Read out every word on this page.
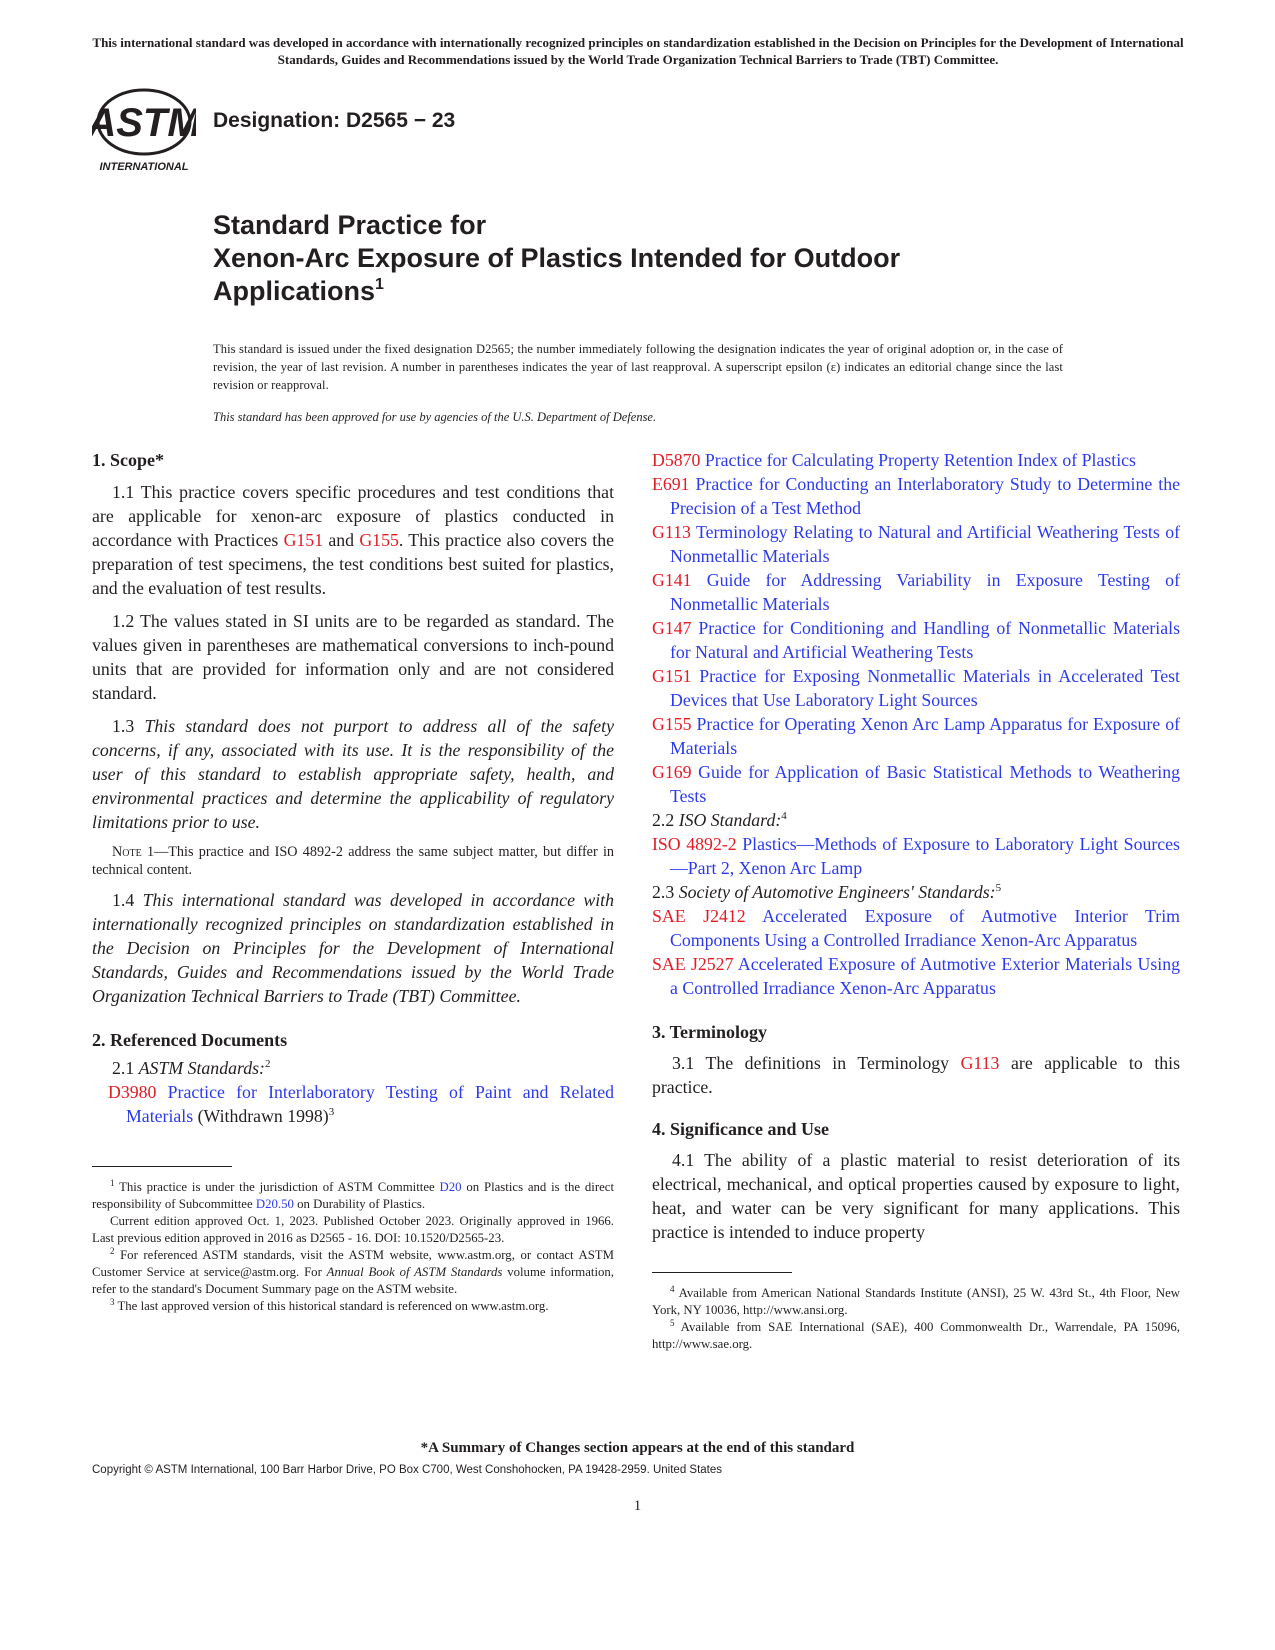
This international standard was developed in accordance with internationally recognized principles on standardization established in the Decision on Principles for the Development of International Standards, Guides and Recommendations issued by the World Trade Organization Technical Barriers to Trade (TBT) Committee.
ASTM
INTERNATIONAL
Designation: D2565 − 23
Standard Practice for
Xenon-Arc Exposure of Plastics Intended for Outdoor
Applications$^1$
This standard is issued under the fixed designation D2565; the number immediately following the designation indicates the year of original adoption or, in the case of revision, the year of last revision. A number in parentheses indicates the year of last reapproval. A superscript epsilon (ε) indicates an editorial change since the last revision or reapproval.
This standard has been approved for use by agencies of the U.S. Department of Defense.
1. Scope*

1.1 This practice covers specific procedures and test conditions that are applicable for xenon-arc exposure of plastics conducted in accordance with Practices G151 and G155. This practice also covers the preparation of test specimens, the test conditions best suited for plastics, and the evaluation of test results.

1.2 The values stated in SI units are to be regarded as standard. The values given in parentheses are mathematical conversions to inch-pound units that are provided for information only and are not considered standard.

1.3 This standard does not purport to address all of the safety concerns, if any, associated with its use. It is the responsibility of the user of this standard to establish appropriate safety, health, and environmental practices and determine the applicability of regulatory limitations prior to use.

Note 1—This practice and ISO 4892-2 address the same subject matter, but differ in technical content.

1.4 This international standard was developed in accordance with internationally recognized principles on standardization established in the Decision on Principles for the Development of International Standards, Guides and Recommendations issued by the World Trade Organization Technical Barriers to Trade (TBT) Committee.

2. Referenced Documents

2.1 ASTM Standards:$^2$

D3980 Practice for Interlaboratory Testing of Paint and Related Materials (Withdrawn 1998)$^3$

$^1$ This practice is under the jurisdiction of ASTM Committee D20 on Plastics and is the direct responsibility of Subcommittee D20.50 on Durability of Plastics.

Current edition approved Oct. 1, 2023. Published October 2023. Originally approved in 1966. Last previous edition approved in 2016 as D2565 - 16. DOI: 10.1520/D2565-23.

$^2$ For referenced ASTM standards, visit the ASTM website, www.astm.org, or contact ASTM Customer Service at service@astm.org. For Annual Book of ASTM Standards volume information, refer to the standard's Document Summary page on the ASTM website.

$^3$ The last approved version of this historical standard is referenced on www.astm.org.

D5870 Practice for Calculating Property Retention Index of Plastics

E691 Practice for Conducting an Interlaboratory Study to Determine the Precision of a Test Method

G113 Terminology Relating to Natural and Artificial Weathering Tests of Nonmetallic Materials

G141 Guide for Addressing Variability in Exposure Testing of Nonmetallic Materials

G147 Practice for Conditioning and Handling of Nonmetallic Materials for Natural and Artificial Weathering Tests

G151 Practice for Exposing Nonmetallic Materials in Accelerated Test Devices that Use Laboratory Light Sources

G155 Practice for Operating Xenon Arc Lamp Apparatus for Exposure of Materials

G169 Guide for Application of Basic Statistical Methods to Weathering Tests

2.2 ISO Standard:$^4$

ISO 4892-2 Plastics—Methods of Exposure to Laboratory Light Sources—Part 2, Xenon Arc Lamp

2.3 Society of Automotive Engineers' Standards:$^5$

SAE J2412 Accelerated Exposure of Autmotive Interior Trim Components Using a Controlled Irradiance Xenon-Arc Apparatus

SAE J2527 Accelerated Exposure of Autmotive Exterior Materials Using a Controlled Irradiance Xenon-Arc Apparatus

3. Terminology

3.1 The definitions in Terminology G113 are applicable to this practice.

4. Significance and Use

4.1 The ability of a plastic material to resist deterioration of its electrical, mechanical, and optical properties caused by exposure to light, heat, and water can be very significant for many applications. This practice is intended to induce property

$^4$ Available from American National Standards Institute (ANSI), 25 W. 43rd St., 4th Floor, New York, NY 10036, http://www.ansi.org.

$^5$ Available from SAE International (SAE), 400 Commonwealth Dr., Warrendale, PA 15096, http://www.sae.org.

*A Summary of Changes section appears at the end of this standard
Copyright © ASTM International, 100 Barr Harbor Drive, PO Box C700, West Conshohocken, PA 19428-2959. United States
1
